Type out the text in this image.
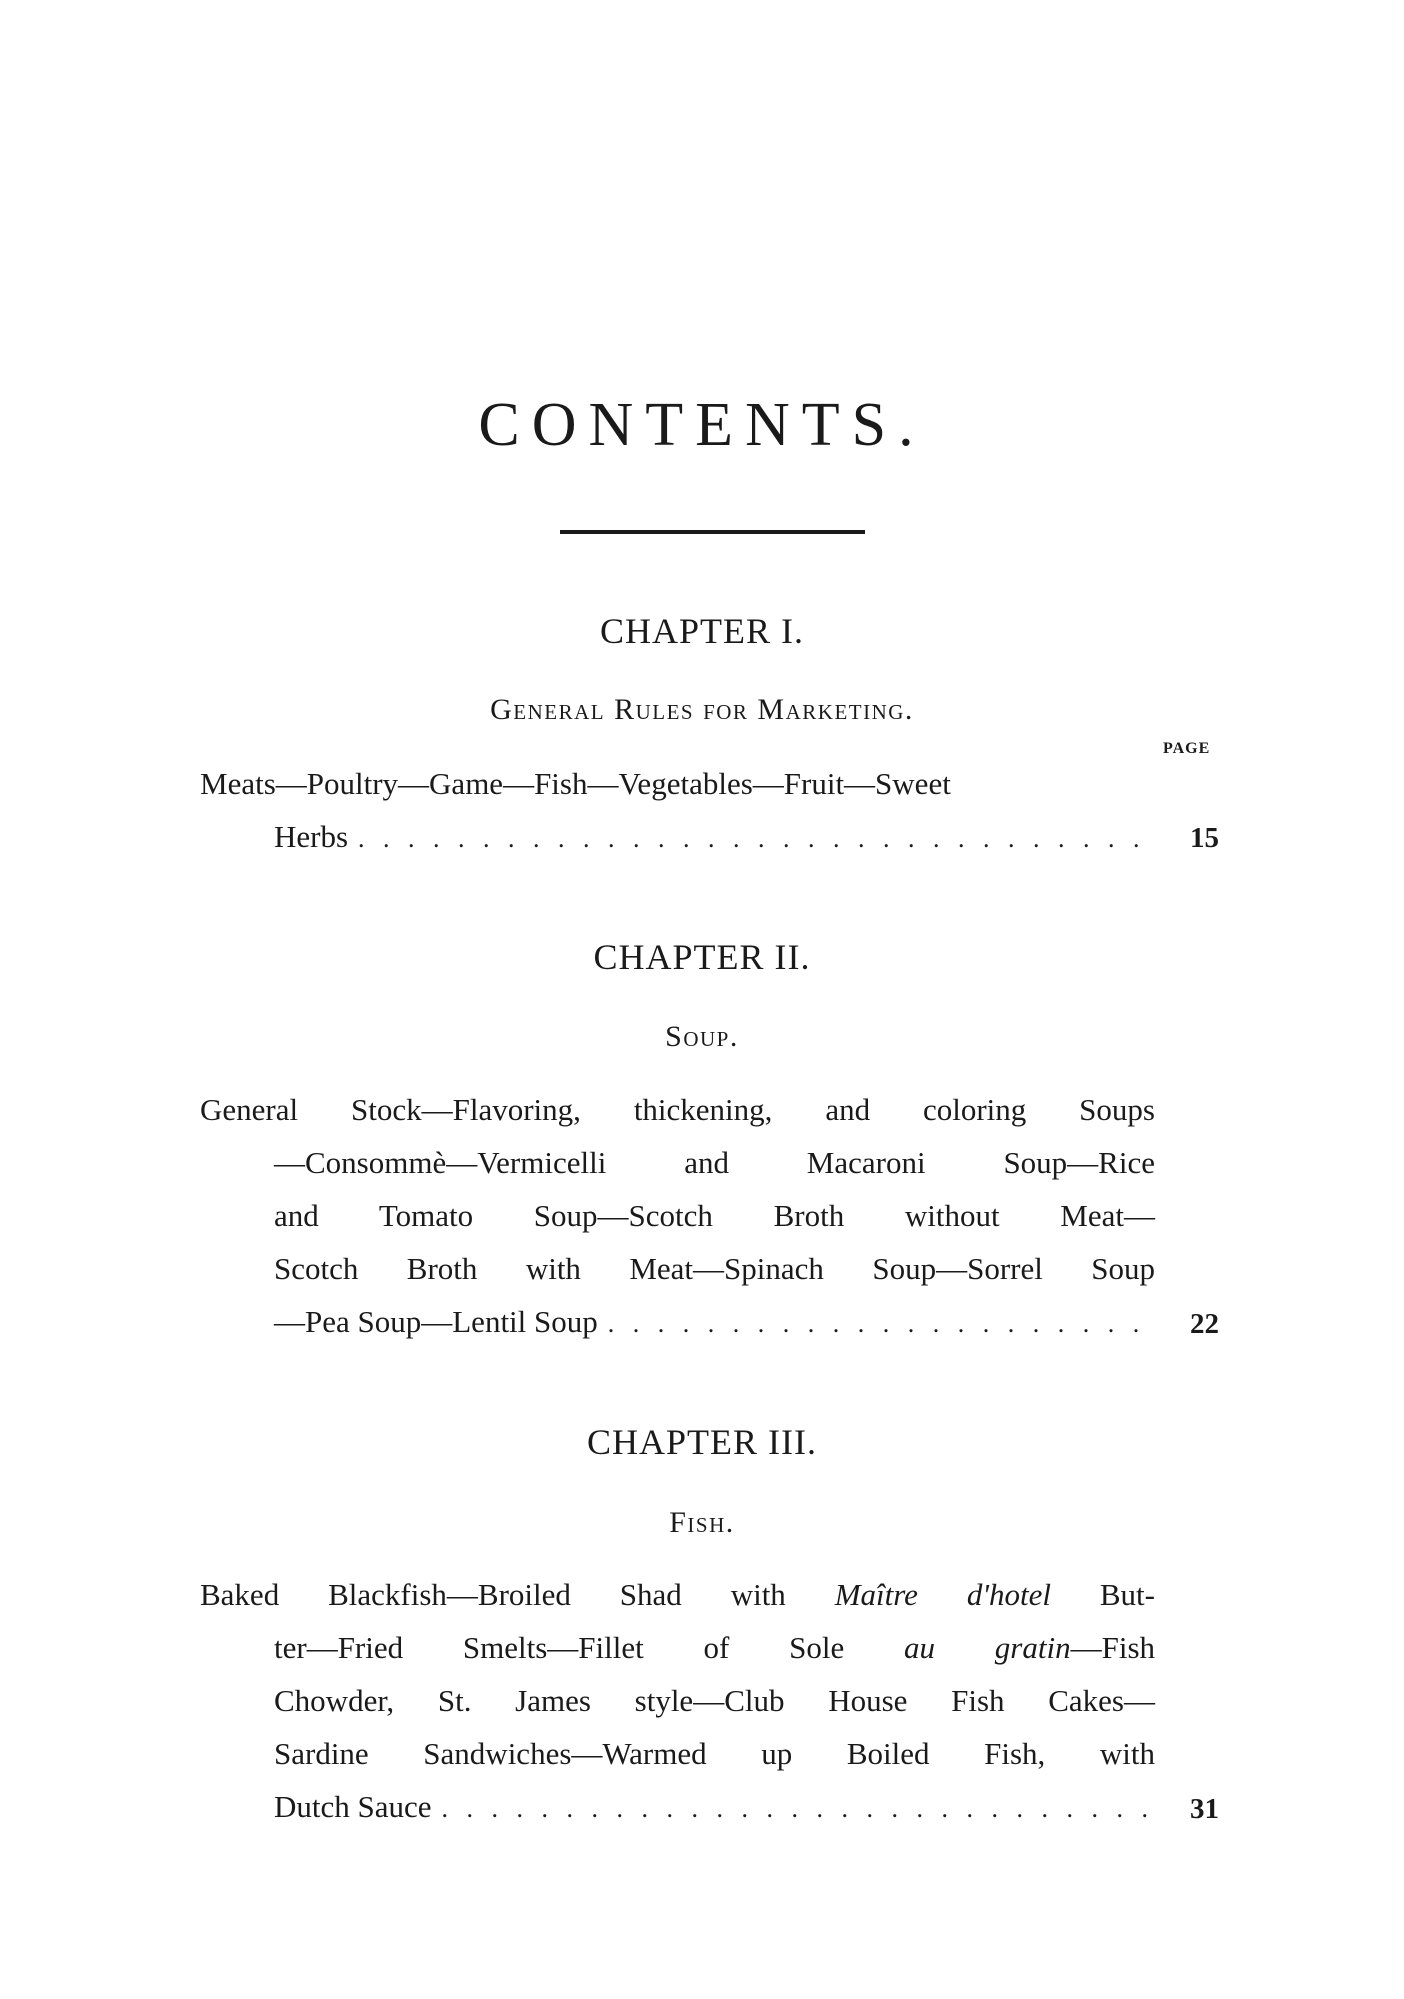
CONTENTS.
CHAPTER I.
General Rules for Marketing.
PAGE
Meats—Poultry—Game—Fish—Vegetables—Fruit—Sweet
Herbs . . .	15
CHAPTER II.
Soup.
General Stock—Flavoring, thickening, and coloring Soups
—Consommè—Vermicelli and Macaroni Soup—Rice
and Tomato Soup—Scotch Broth without Meat—
Scotch Broth with Meat—Spinach Soup—Sorrel Soup
—Pea Soup—Lentil Soup . . .	22
CHAPTER III.
Fish.
Baked Blackfish—Broiled Shad with Maître d'hotel But-
ter—Fried Smelts—Fillet of Sole au gratin—Fish
Chowder, St. James style—Club House Fish Cakes—
Sardine Sandwiches—Warmed up Boiled Fish, with
Dutch Sauce . . .	31
